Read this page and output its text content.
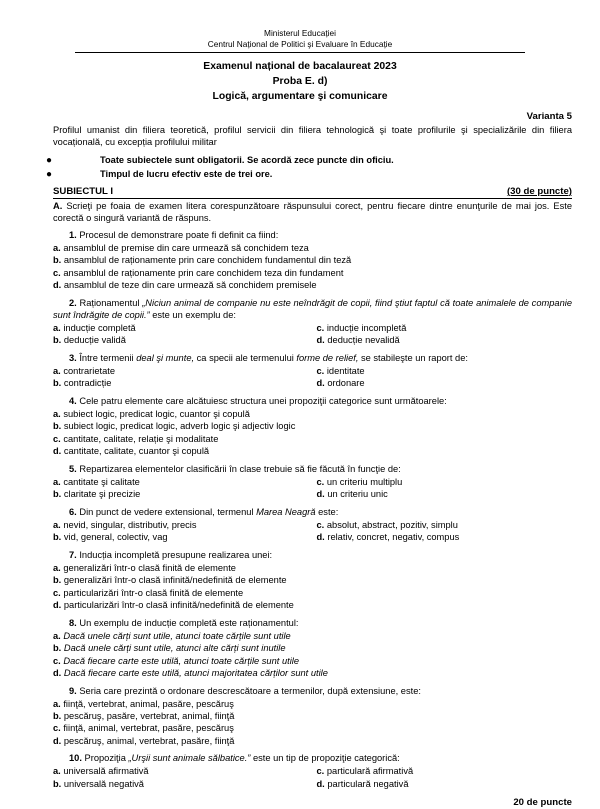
Ministerul Educației
Centrul Național de Politici şi Evaluare în Educație
Examenul național de bacalaureat 2023
Proba E. d)
Logică, argumentare şi comunicare
Varianta 5
Profilul umanist din filiera teoretică, profilul servicii din filiera tehnologică şi toate profilurile şi specializările din filiera vocațională, cu excepția profilului militar
●	Toate subiectele sunt obligatorii. Se acordă zece puncte din oficiu.
●	Timpul de lucru efectiv este de trei ore.
SUBIECTUL I	(30 de puncte)
A. Scrieţi pe foaia de examen litera corespunzătoare răspunsului corect, pentru fiecare dintre enunţurile de mai jos. Este corectă o singură variantă de răspuns.
1. Procesul de demonstrare poate fi definit ca fiind:
a. ansamblul de premise din care urmează să conchidem teza
b. ansamblul de raționamente prin care conchidem fundamentul din teză
c. ansamblul de raționamente prin care conchidem teza din fundament
d. ansamblul de teze din care urmează să conchidem premisele
2. Raționamentul „Niciun animal de companie nu este neîndrăgit de copii, fiind ştiut faptul că toate animalele de companie sunt îndrăgite de copii.” este un exemplu de:
a. inducție completă
b. deducție validă
c. inducție incompletă
d. deducție nevalidă
3. Între termenii deal şi munte, ca specii ale termenului forme de relief, se stabileşte un raport de:
a. contrarietate
b. contradicție
c. identitate
d. ordonare
4. Cele patru elemente care alcătuiesc structura unei propoziţii categorice sunt următoarele:
a. subiect logic, predicat logic, cuantor şi copulă
b. subiect logic, predicat logic, adverb logic şi adjectiv logic
c. cantitate, calitate, relație şi modalitate
d. cantitate, calitate, cuantor şi copulă
5. Repartizarea elementelor clasificării în clase trebuie să fie făcută în funcţie de:
a. cantitate şi calitate
b. claritate şi precizie
c. un criteriu multiplu
d. un criteriu unic
6. Din punct de vedere extensional, termenul Marea Neagră este:
a. nevid, singular, distributiv, precis
b. vid, general, colectiv, vag
c. absolut, abstract, pozitiv, simplu
d. relativ, concret, negativ, compus
7. Inducția incompletă presupune realizarea unei:
a. generalizări într-o clasă finită de elemente
b. generalizări într-o clasă infinită/nedefinită de elemente
c. particularizări într-o clasă finită de elemente
d. particularizări într-o clasă infinită/nedefinită de elemente
8. Un exemplu de inducție completă este raționamentul:
a. Dacă unele cărți sunt utile, atunci toate cărțile sunt utile
b. Dacă unele cărți sunt utile, atunci alte cărți sunt inutile
c. Dacă fiecare carte este utilă, atunci toate cărțile sunt utile
d. Dacă fiecare carte este utilă, atunci majoritatea cărților sunt utile
9. Seria care prezintă o ordonare descrescătoare a termenilor, după extensiune, este:
a. fiinţă, vertebrat, animal, pasăre, pescăruş
b. pescăruş, pasăre, vertebrat, animal, fiinţă
c. fiinţă, animal, vertebrat, pasăre, pescăruş
d. pescăruş, animal, vertebrat, pasăre, fiinţă
10. Propoziţia „Urşii sunt animale sălbatice.” este un tip de propoziţie categorică:
a. universală afirmativă
b. universală negativă
c. particulară afirmativă
d. particulară negativă
20 de puncte
